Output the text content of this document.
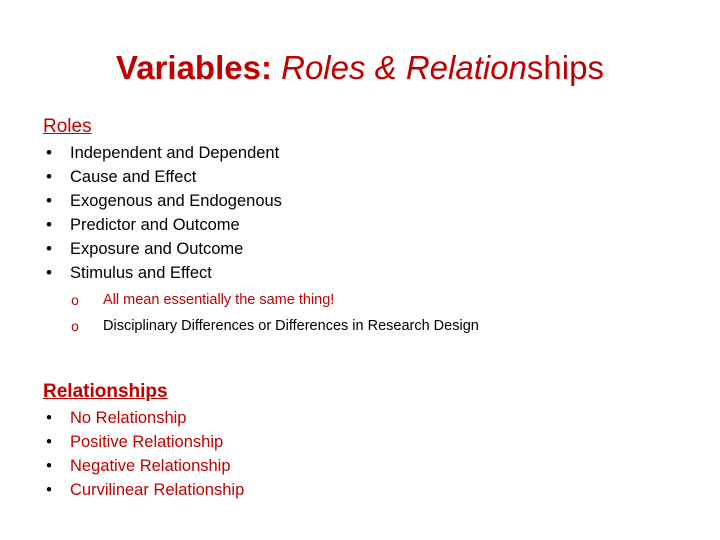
Variables: Roles & Relationships
Roles
• Independent and Dependent
• Cause and Effect
• Exogenous and Endogenous
• Predictor and Outcome
• Exposure and Outcome
• Stimulus and Effect
o All mean essentially the same thing!
o Disciplinary Differences or Differences in Research Design
Relationships
• No Relationship
• Positive Relationship
• Negative Relationship
• Curvilinear Relationship
